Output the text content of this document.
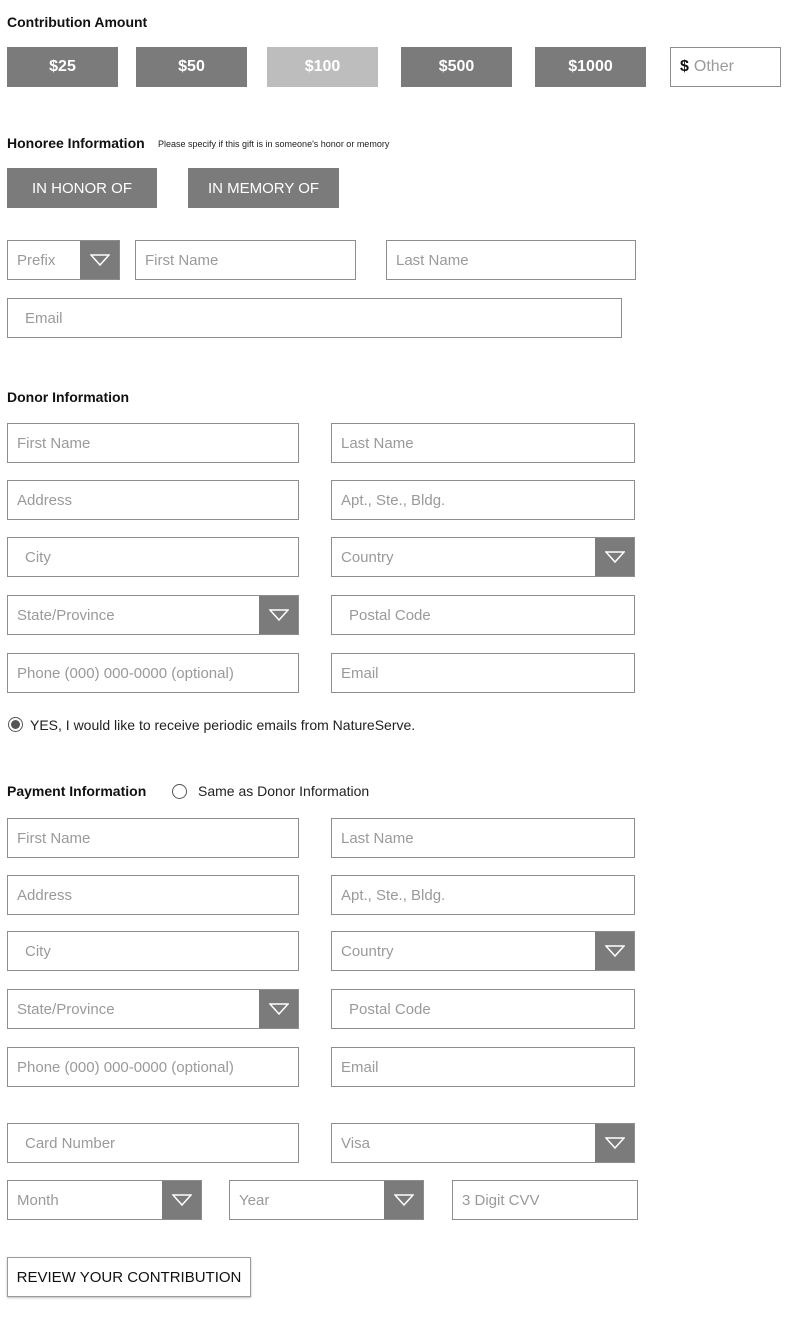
Contribution Amount
$25	$50	$100	$500	$1000	$ Other
Honoree Information Please specify if this gift is in someone's honor or memory
IN HONOR OF	IN MEMORY OF
Prefix	First Name	Last Name
Email
Donor Information
First Name	Last Name
Address	Apt., Ste., Bldg.
City	Country
State/Province	Postal Code
Phone (000) 000-0000 (optional)	Email
YES, I would like to receive periodic emails from NatureServe.
Payment Information	Same as Donor Information
First Name	Last Name
Address	Apt., Ste., Bldg.
City	Country
State/Province	Postal Code
Phone (000) 000-0000 (optional)	Email
Card Number	Visa
Month	Year	3 Digit CVV
REVIEW YOUR CONTRIBUTION
